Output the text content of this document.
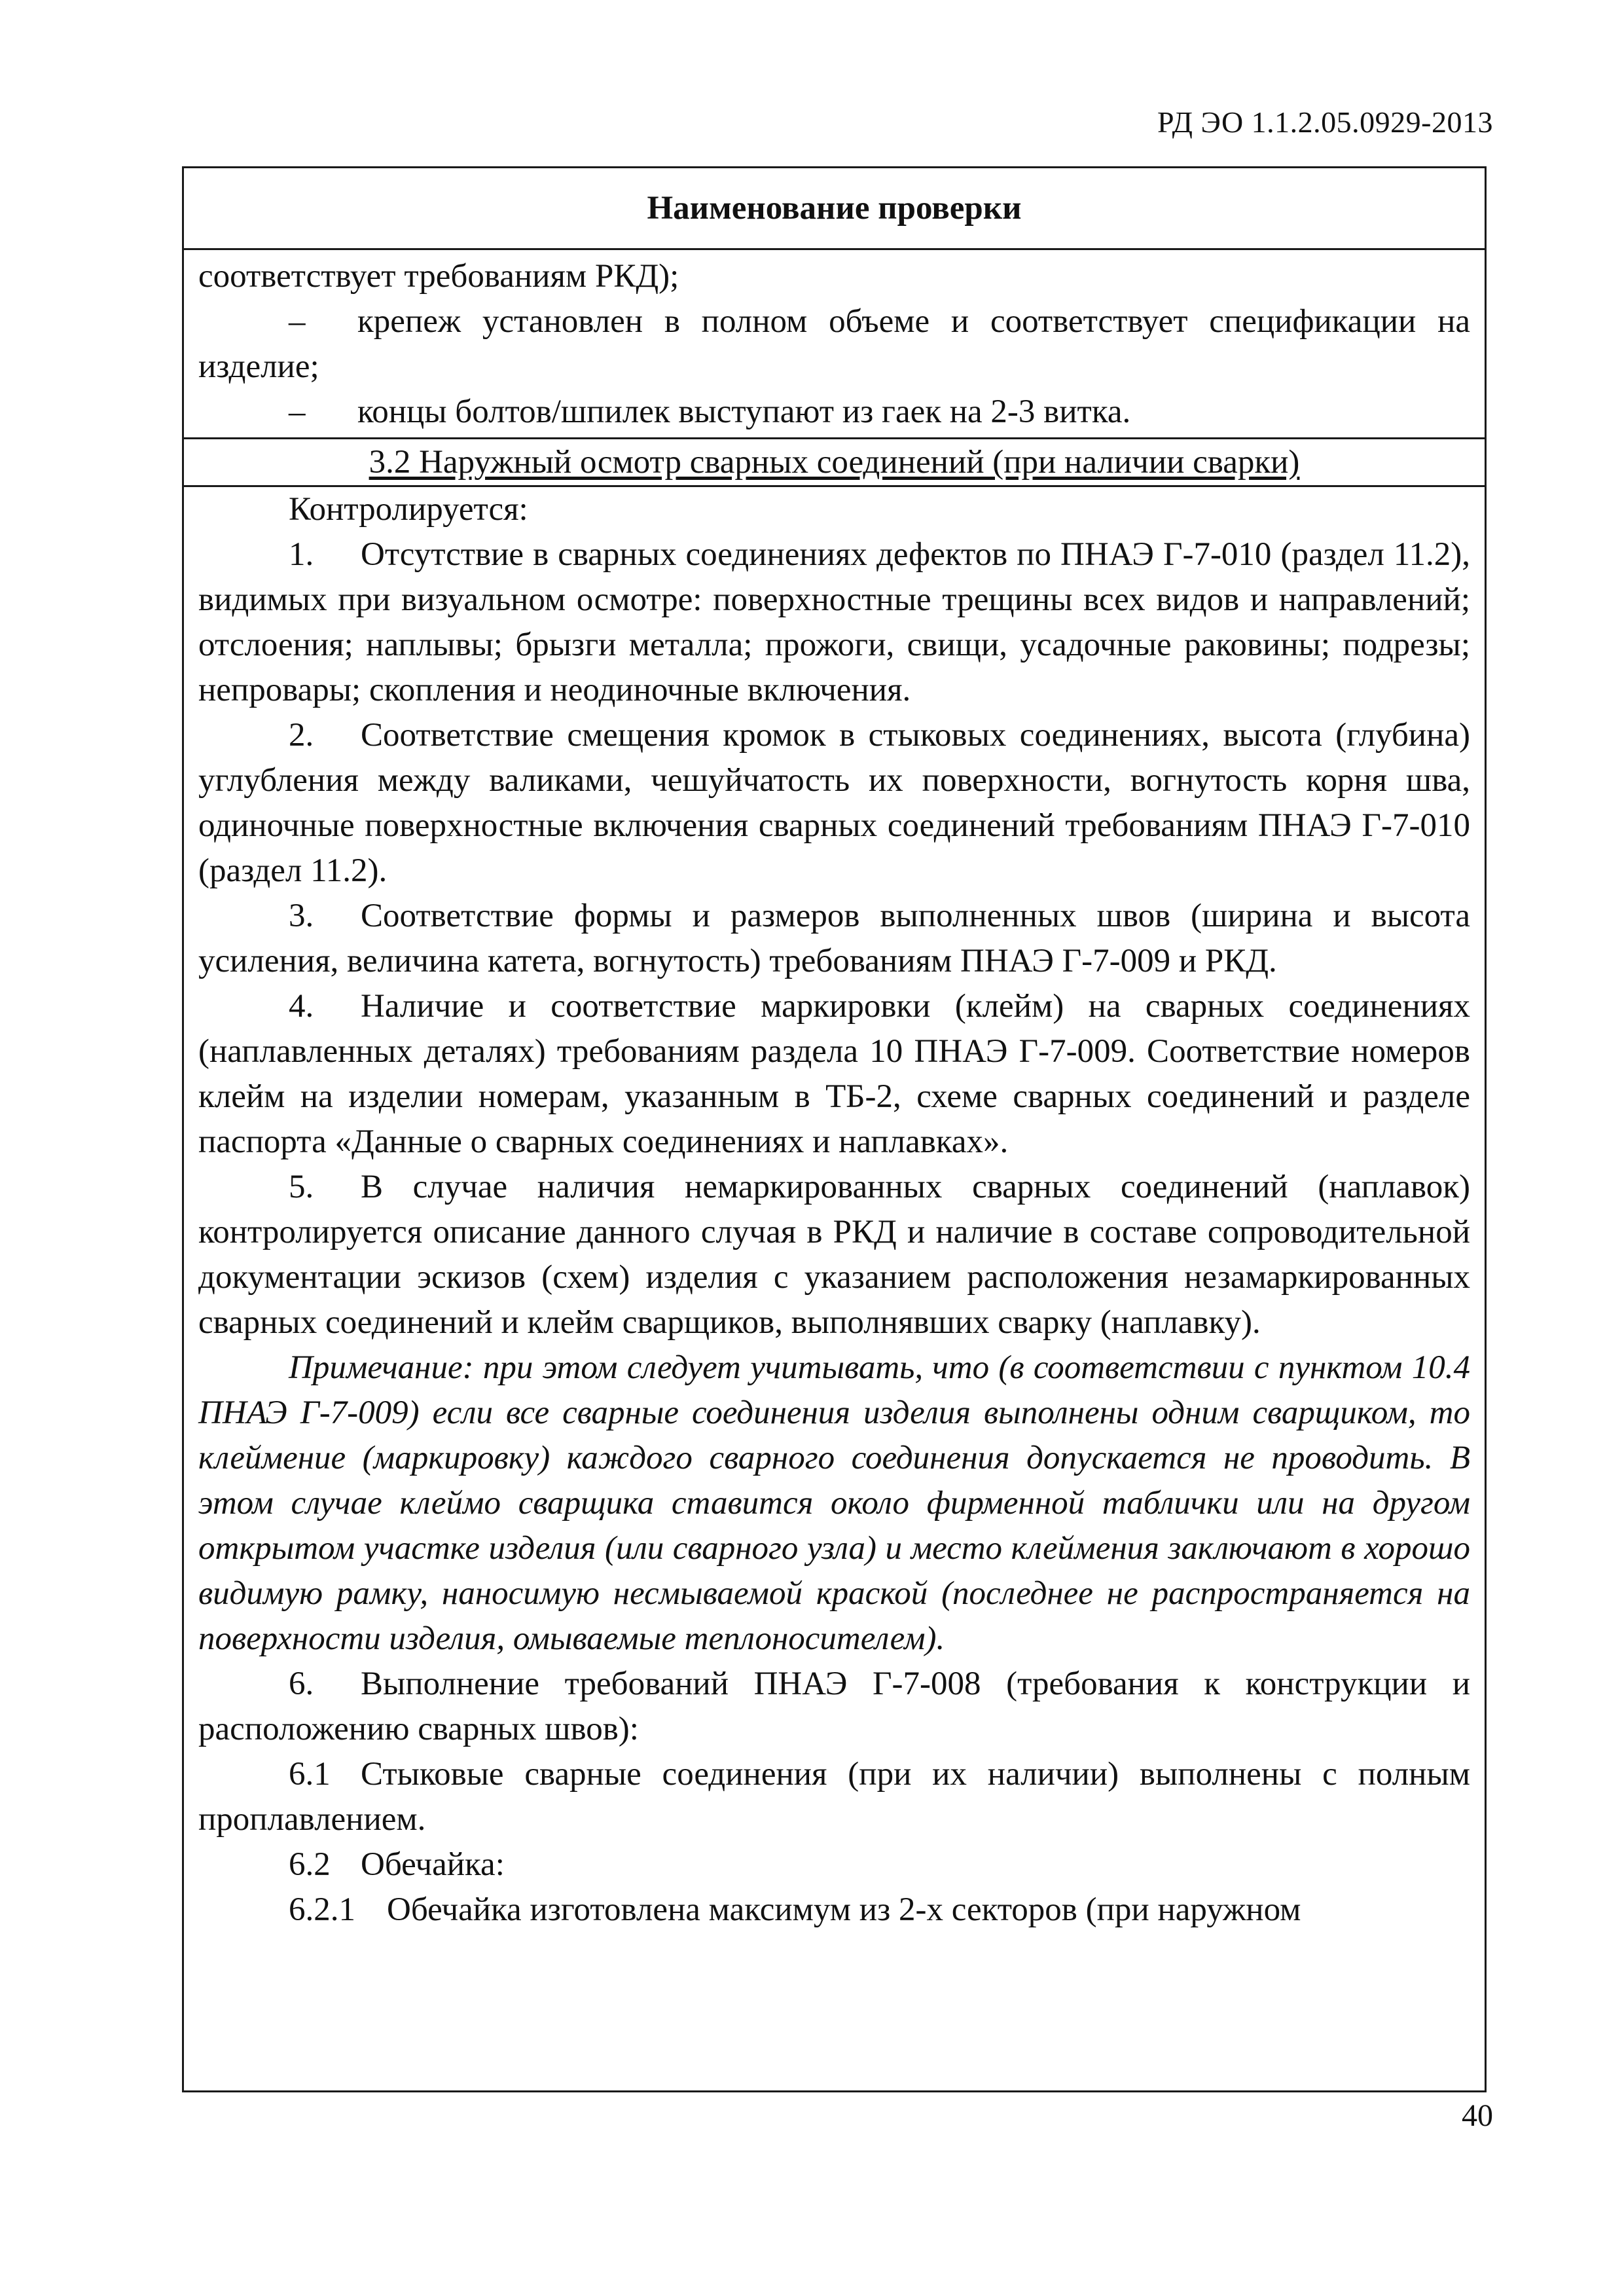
РД ЭО 1.1.2.05.0929-2013
Наименование проверки

соответствует требованиям РКД);

– крепеж установлен в полном объеме и соответствует спецификации на изделие;

– концы болтов/шпилек выступают из гаек на 2-3 витка.

3.2 Наружный осмотр сварных соединений (при наличии сварки)

Контролируется:

1. Отсутствие в сварных соединениях дефектов по ПНАЭ Г-7-010 (раздел 11.2), видимых при визуальном осмотре: поверхностные трещины всех видов и направлений; отслоения; наплывы; брызги металла; прожоги, свищи, усадочные раковины; подрезы; непровары; скопления и неодиночные включения.

2. Соответствие смещения кромок в стыковых соединениях, высота (глубина) углубления между валиками, чешуйчатость их поверхности, вогнутость корня шва, одиночные поверхностные включения сварных соединений требованиям ПНАЭ Г-7-010 (раздел 11.2).

3. Соответствие формы и размеров выполненных швов (ширина и высота усиления, величина катета, вогнутость) требованиям ПНАЭ Г-7-009 и РКД.

4. Наличие и соответствие маркировки (клейм) на сварных соединениях (наплавленных деталях) требованиям раздела 10 ПНАЭ Г-7-009. Соответствие номеров клейм на изделии номерам, указанным в ТБ-2, схеме сварных соединений и разделе паспорта «Данные о сварных соединениях и наплавках».

5. В случае наличия немаркированных сварных соединений (наплавок) контролируется описание данного случая в РКД и наличие в составе сопроводительной документации эскизов (схем) изделия с указанием расположения незамаркированных сварных соединений и клейм сварщиков, выполнявших сварку (наплавку).

Примечание: при этом следует учитывать, что (в соответствии с пунктом 10.4 ПНАЭ Г-7-009) если все сварные соединения изделия выполнены одним сварщиком, то клеймение (маркировку) каждого сварного соединения допускается не проводить. В этом случае клеймо сварщика ставится около фирменной таблички или на другом открытом участке изделия (или сварного узла) и место клеймения заключают в хорошо видимую рамку, наносимую несмываемой краской (последнее не распространяется на поверхности изделия, омываемые теплоносителем).

6. Выполнение требований ПНАЭ Г-7-008 (требования к конструкции и расположению сварных швов):

6.1 Стыковые сварные соединения (при их наличии) выполнены с полным проплавлением.

6.2 Обечайка:

6.2.1 Обечайка изготовлена максимум из 2-х секторов (при наружном

40
